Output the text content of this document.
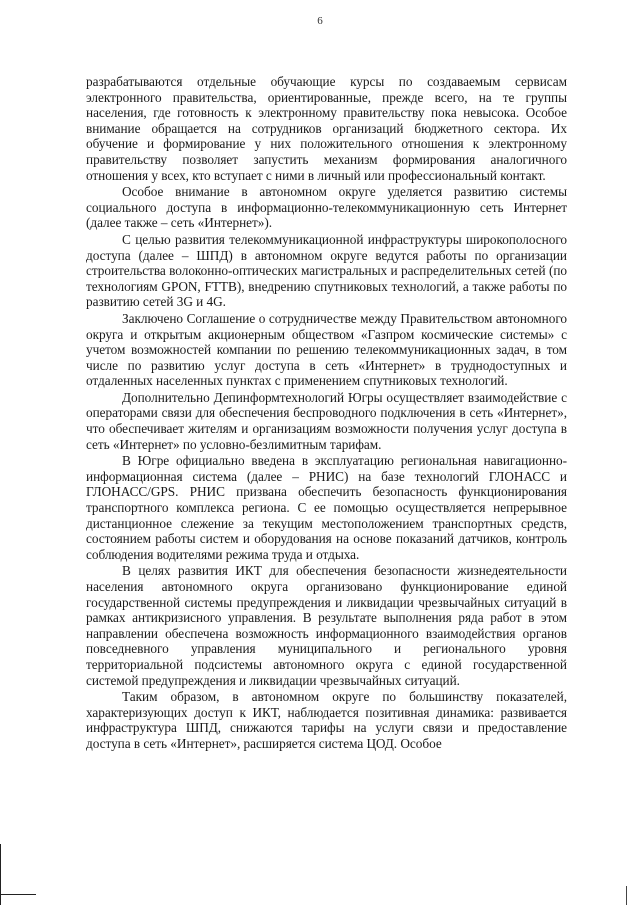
6

разрабатываются отдельные обучающие курсы по создаваемым сервисам электронного правительства, ориентированные, прежде всего, на те группы населения, где готовность к электронному правительству пока невысока. Особое внимание обращается на сотрудников организаций бюджетного сектора. Их обучение и формирование у них положительного отношения к электронному правительству позволяет запустить механизм формирования аналогичного отношения у всех, кто вступает с ними в личный или профессиональный контакт.

Особое внимание в автономном округе уделяется развитию системы социального доступа в информационно-телекоммуникационную сеть Интернет (далее также – сеть «Интернет»).

С целью развития телекоммуникационной инфраструктуры широкополосного доступа (далее – ШПД) в автономном округе ведутся работы по организации строительства волоконно-оптических магистральных и распределительных сетей (по технологиям GPON, FTTB), внедрению спутниковых технологий, а также работы по развитию сетей 3G и 4G.

Заключено Соглашение о сотрудничестве между Правительством автономного округа и открытым акционерным обществом «Газпром космические системы» с учетом возможностей компании по решению телекоммуникационных задач, в том числе по развитию услуг доступа в сеть «Интернет» в труднодоступных и отдаленных населенных пунктах с применением спутниковых технологий.

Дополнительно Депинформтехнологий Югры осуществляет взаимодействие с операторами связи для обеспечения беспроводного подключения в сеть «Интернет», что обеспечивает жителям и организациям возможности получения услуг доступа в сеть «Интернет» по условно-безлимитным тарифам.

В Югре официально введена в эксплуатацию региональная навигационно-информационная система (далее – РНИС) на базе технологий ГЛОНАСС и ГЛОНАСС/GPS. РНИС призвана обеспечить безопасность функционирования транспортного комплекса региона. С ее помощью осуществляется непрерывное дистанционное слежение за текущим местоположением транспортных средств, состоянием работы систем и оборудования на основе показаний датчиков, контроль соблюдения водителями режима труда и отдыха.

В целях развития ИКТ для обеспечения безопасности жизнедеятельности населения автономного округа организовано функционирование единой государственной системы предупреждения и ликвидации чрезвычайных ситуаций в рамках антикризисного управления. В результате выполнения ряда работ в этом направлении обеспечена возможность информационного взаимодействия органов повседневного управления муниципального и регионального уровня территориальной подсистемы автономного округа с единой государственной системой предупреждения и ликвидации чрезвычайных ситуаций.

Таким образом, в автономном округе по большинству показателей, характеризующих доступ к ИКТ, наблюдается позитивная динамика: развивается инфраструктура ШПД, снижаются тарифы на услуги связи и предоставление доступа в сеть «Интернет», расширяется система ЦОД. Особое
